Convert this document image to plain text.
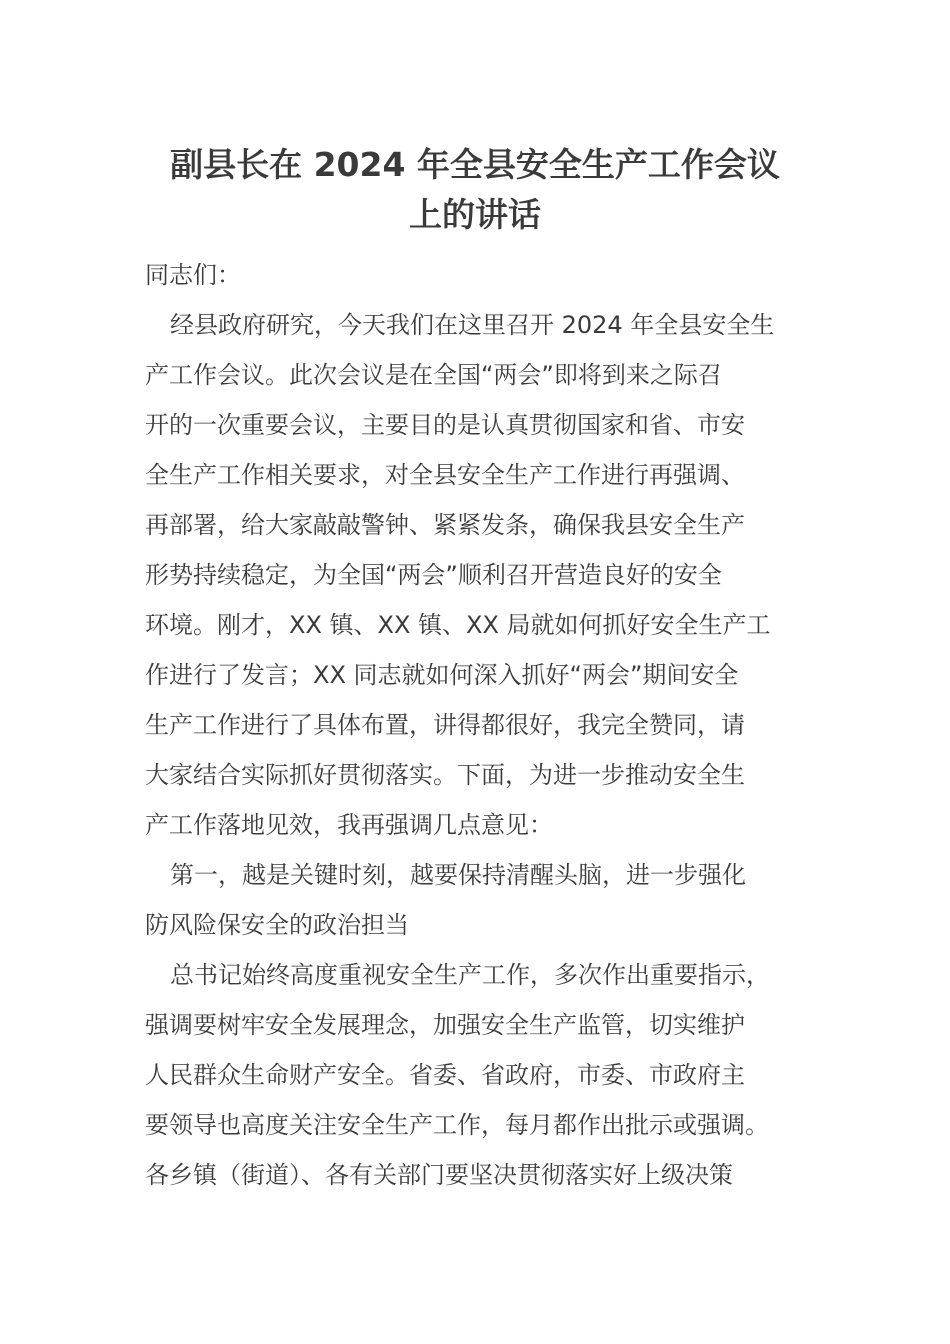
副县长在 2024 年全县安全生产工作会议
上的讲话
同志们：
经县政府研究，今天我们在这里召开 2024 年全县安全生
产工作会议。此次会议是在全国“两会”即将到来之际召
开的一次重要会议，主要目的是认真贯彻国家和省、市安
全生产工作相关要求，对全县安全生产工作进行再强调、
再部署，给大家敲敲警钟、紧紧发条，确保我县安全生产
形势持续稳定，为全国“两会”顺利召开营造良好的安全
环境。刚才，XX 镇、XX 镇、XX 局就如何抓好安全生产工
作进行了发言；XX 同志就如何深入抓好“两会”期间安全
生产工作进行了具体布置，讲得都很好，我完全赞同，请
大家结合实际抓好贯彻落实。下面，为进一步推动安全生
产工作落地见效，我再强调几点意见：
第一，越是关键时刻，越要保持清醒头脑，进一步强化
防风险保安全的政治担当
总书记始终高度重视安全生产工作，多次作出重要指示，
强调要树牢安全发展理念，加强安全生产监管，切实维护
人民群众生命财产安全。省委、省政府，市委、市政府主
要领导也高度关注安全生产工作，每月都作出批示或强调。
各乡镇（街道）、各有关部门要坚决贯彻落实好上级决策
